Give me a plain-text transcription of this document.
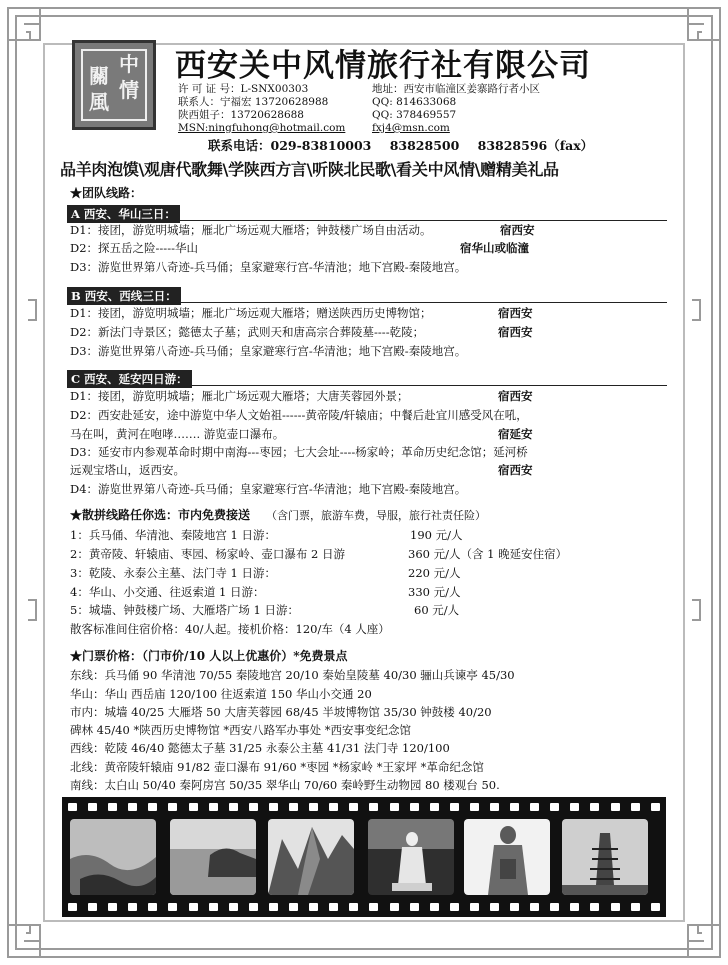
中
情
關
風
西安关中风情旅行社有限公司
许 可 证 号：L-SNX00303
联系人：宁福宏 13720628988
陕西姐子：13720628688
MSN:ningfuhong@hotmail.com
地址：西安市临潼区姜寨路行者小区
QQ: 814633068
QQ: 378469557
fxj4@msn.com
联系电话：029-83810003 83828500 83828596（fax）
品羊肉泡馍\观唐代歌舞\学陕西方言\听陕北民歌\看关中风情\赠精美礼品
★团队线路：
A 西安、华山三日：
D1：接团，游览明城墙；雁北广场远观大雁塔；钟鼓楼广场自由活动。	宿西安
D2：探五岳之险-----华山	宿华山或临潼
D3：游览世界第八奇迹-兵马俑；皇家避寒行宫-华清池；地下宫殿-秦陵地宫。
B 西安、西线三日：
D1：接团，游览明城墙；雁北广场远观大雁塔；赠送陕西历史博物馆；	宿西安
D2：新法门寺景区；懿德太子墓；武则天和唐高宗合葬陵墓----乾陵；	宿西安
D3：游览世界第八奇迹-兵马俑；皇家避寒行宫-华清池；地下宫殿-秦陵地宫。
C 西安、延安四日游：
D1：接团，游览明城墙；雁北广场远观大雁塔；大唐芙蓉园外景；	宿西安
D2：西安赴延安，途中游览中华人文始祖------黄帝陵/轩辕庙；中餐后赴宜川感受风在吼，
马在叫，黄河在咆哮……. 游览壶口瀑布。	宿延安
D3：延安市内参观革命时期中南海---枣园；七大会址----杨家岭；革命历史纪念馆；延河桥
远观宝塔山，返西安。	宿西安
D4：游览世界第八奇迹-兵马俑；皇家避寒行宫-华清池；地下宫殿-秦陵地宫。
★散拼线路任你选：市内免费接送 （含门票，旅游车费，导服，旅行社责任险）
1：兵马俑、华清池、秦陵地宫 1 日游：	190 元/人
2：黄帝陵、轩辕庙、枣园、杨家岭、壶口瀑布 2 日游	360 元/人（含 1 晚延安住宿）
3：乾陵、永泰公主墓、法门寺 1 日游：	220 元/人
4：华山、小交通、往返索道 1 日游：	330 元/人
5：城墙、钟鼓楼广场、大雁塔广场 1 日游：	60 元/人
散客标准间住宿价格：40/人起。接机价格：120/车（4 人座）
★门票价格：（门市价/10 人以上优惠价）*免费景点
东线：兵马俑 90 华清池 70/55 秦陵地宫 20/10 秦始皇陵墓 40/30 骊山兵谏亭 45/30
华山：华山 西岳庙 120/100 往返索道 150 华山小交通 20
市内：城墙 40/25 大雁塔 50 大唐芙蓉园 68/45 半坡博物馆 35/30 钟鼓楼 40/20
碑林 45/40 *陕西历史博物馆 *西安八路军办事处 *西安事变纪念馆
西线：乾陵 46/40 懿德太子墓 31/25 永泰公主墓 41/31 法门寺 120/100
北线：黄帝陵轩辕庙 91/82 壶口瀑布 91/60 *枣园 *杨家岭 *王家坪 *革命纪念馆
南线：太白山 50/40 秦阿房宫 50/35 翠华山 70/60 秦岭野生动物园 80 楼观台 50.
